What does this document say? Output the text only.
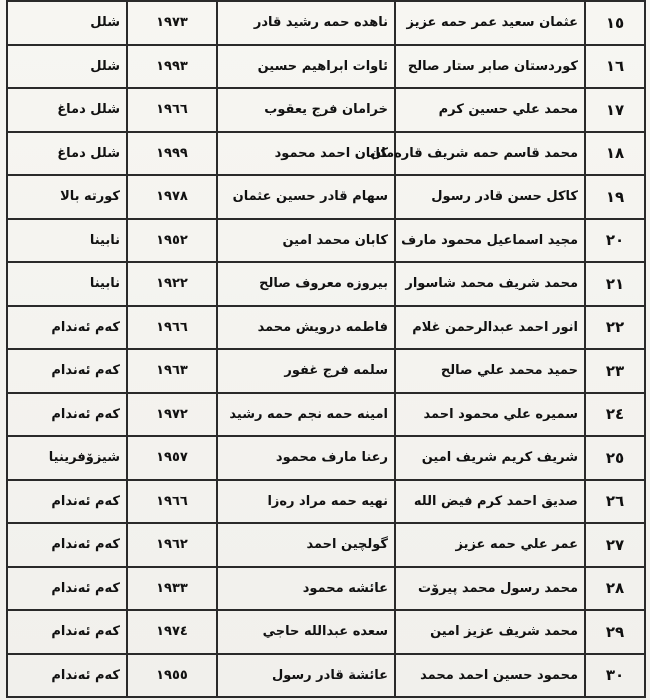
١٥	عثمان سعيد عمر حمه عزيز	ناهده حمه رشيد قادر	١٩٧٣	شلل
١٦	كوردستان صابر ستار صالح	ئاوات ابراهيم حسين	١٩٩٣	شلل
١٧	محمد علي حسين كرم	خرامان فرج يعقوب	١٩٦٦	شلل دماغ
١٨	محمد قاسم حمه شريف قارەمان	كابان احمد محمود	١٩٩٩	شلل دماغ
١٩	كاكل حسن قادر رسول	سهام قادر حسين عثمان	١٩٧٨	كورتە بالا
٢٠	مجيد اسماعيل محمود مارف	كابان محمد امين	١٩٥٢	نابينا
٢١	محمد شريف محمد شاسوار	بيروزه معروف صالح	١٩٢٢	نابينا
٢٢	انور احمد عبدالرحمن غلام	فاطمه درويش محمد	١٩٦٦	كەم ئەندام
٢٣	حميد محمد علي صالح	سلمه فرج غفور	١٩٦٣	كەم ئەندام
٢٤	سميره علي محمود احمد	امينه حمه نجم حمه رشيد	١٩٧٢	كەم ئەندام
٢٥	شريف كريم شريف امين	رعنا مارف محمود	١٩٥٧	شيزۆفرينيا
٢٦	صديق احمد كرم فيض الله	نهيه حمه مراد رەزا	١٩٦٦	كەم ئەندام
٢٧	عمر علي حمه عزيز	گولچين احمد	١٩٦٢	كەم ئەندام
٢٨	محمد رسول محمد پيرۆت	عائشه محمود	١٩٣٣	كەم ئەندام
٢٩	محمد شريف عزيز امين	سعده عبدالله حاجي	١٩٧٤	كەم ئەندام
٣٠	محمود حسين احمد محمد	عائشة قادر رسول	١٩٥٥	كەم ئەندام
